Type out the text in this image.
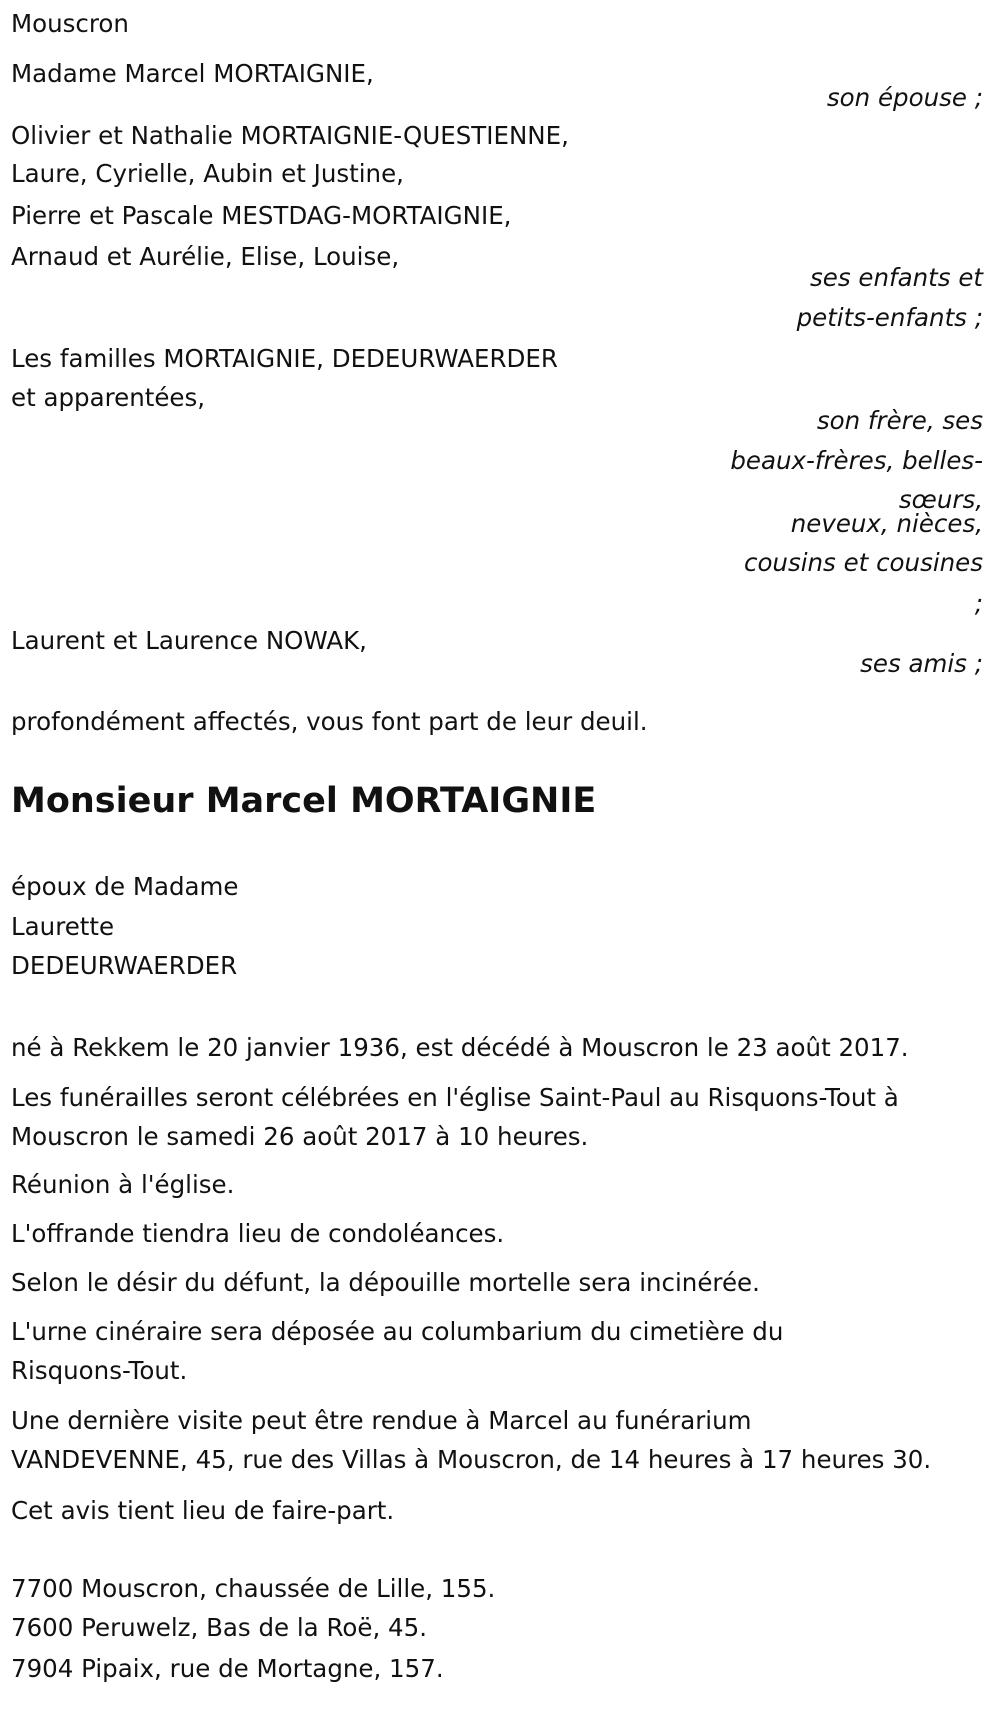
Mouscron
Madame Marcel MORTAIGNIE,
son épouse ;
Olivier et Nathalie MORTAIGNIE-QUESTIENNE,
Laure, Cyrielle, Aubin et Justine,
Pierre et Pascale MESTDAG-MORTAIGNIE,
Arnaud et Aurélie, Elise, Louise,
ses enfants et
petits-enfants ;
Les familles MORTAIGNIE, DEDEURWAERDER
et apparentées,
son frère, ses
beaux-frères, belles-
sœurs,
neveux, nièces,
cousins et cousines
;
Laurent et Laurence NOWAK,
ses amis ;
profondément affectés, vous font part de leur deuil.
Monsieur Marcel MORTAIGNIE
époux de Madame
Laurette
DEDEURWAERDER
né à Rekkem le 20 janvier 1936, est décédé à Mouscron le 23 août 2017.
Les funérailles seront célébrées en l'église Saint-Paul au Risquons-Tout à
Mouscron le samedi 26 août 2017 à 10 heures.
Réunion à l'église.
L'offrande tiendra lieu de condoléances.
Selon le désir du défunt, la dépouille mortelle sera incinérée.
L'urne cinéraire sera déposée au columbarium du cimetière du
Risquons-Tout.
Une dernière visite peut être rendue à Marcel au funérarium
VANDEVENNE, 45, rue des Villas à Mouscron, de 14 heures à 17 heures 30.
Cet avis tient lieu de faire-part.
7700 Mouscron, chaussée de Lille, 155.
7600 Peruwelz, Bas de la Roë, 45.
7904 Pipaix, rue de Mortagne, 157.
